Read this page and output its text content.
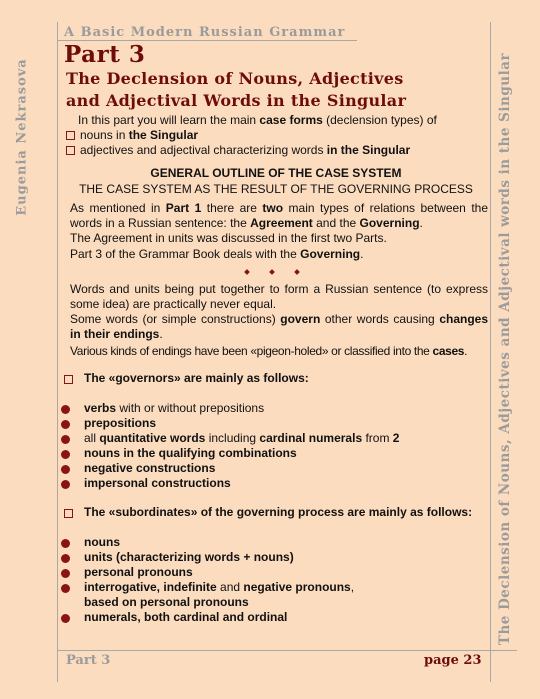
Eugenia Nekrasova	The Declension of Nouns, Adjectives and Adjectival words in the Singular
A Basic Modern Russian Grammar
Part 3
The Declension of Nouns, Adjectives
and Adjectival Words in the Singular
In this part you will learn the main case forms (declension types) of
nouns in the Singular
adjectives and adjectival characterizing words in the Singular
GENERAL OUTLINE OF THE CASE SYSTEM
THE CASE SYSTEM AS THE RESULT OF THE GOVERNING PROCESS
As mentioned in Part 1 there are two main types of relations between the
words in a Russian sentence: the Agreement and the Governing.
The Agreement in units was discussed in the first two Parts.
Part 3 of the Grammar Book deals with the Governing.
Words and units being put together to form a Russian sentence (to express
some idea) are practically never equal.
Some words (or simple constructions) govern other words causing changes
in their endings.
Various kinds of endings have been «pigeon-holed» or classified into the cases.
The «governors» are mainly as follows:
verbs with or without prepositions
prepositions
all quantitative words including cardinal numerals from 2
nouns in the qualifying combinations
negative constructions
impersonal constructions
The «subordinates» of the governing process are mainly as follows:
nouns
units (characterizing words + nouns)
personal pronouns
interrogative, indefinite and negative pronouns,
based on personal pronouns
numerals, both cardinal and ordinal
Part 3	page 23
